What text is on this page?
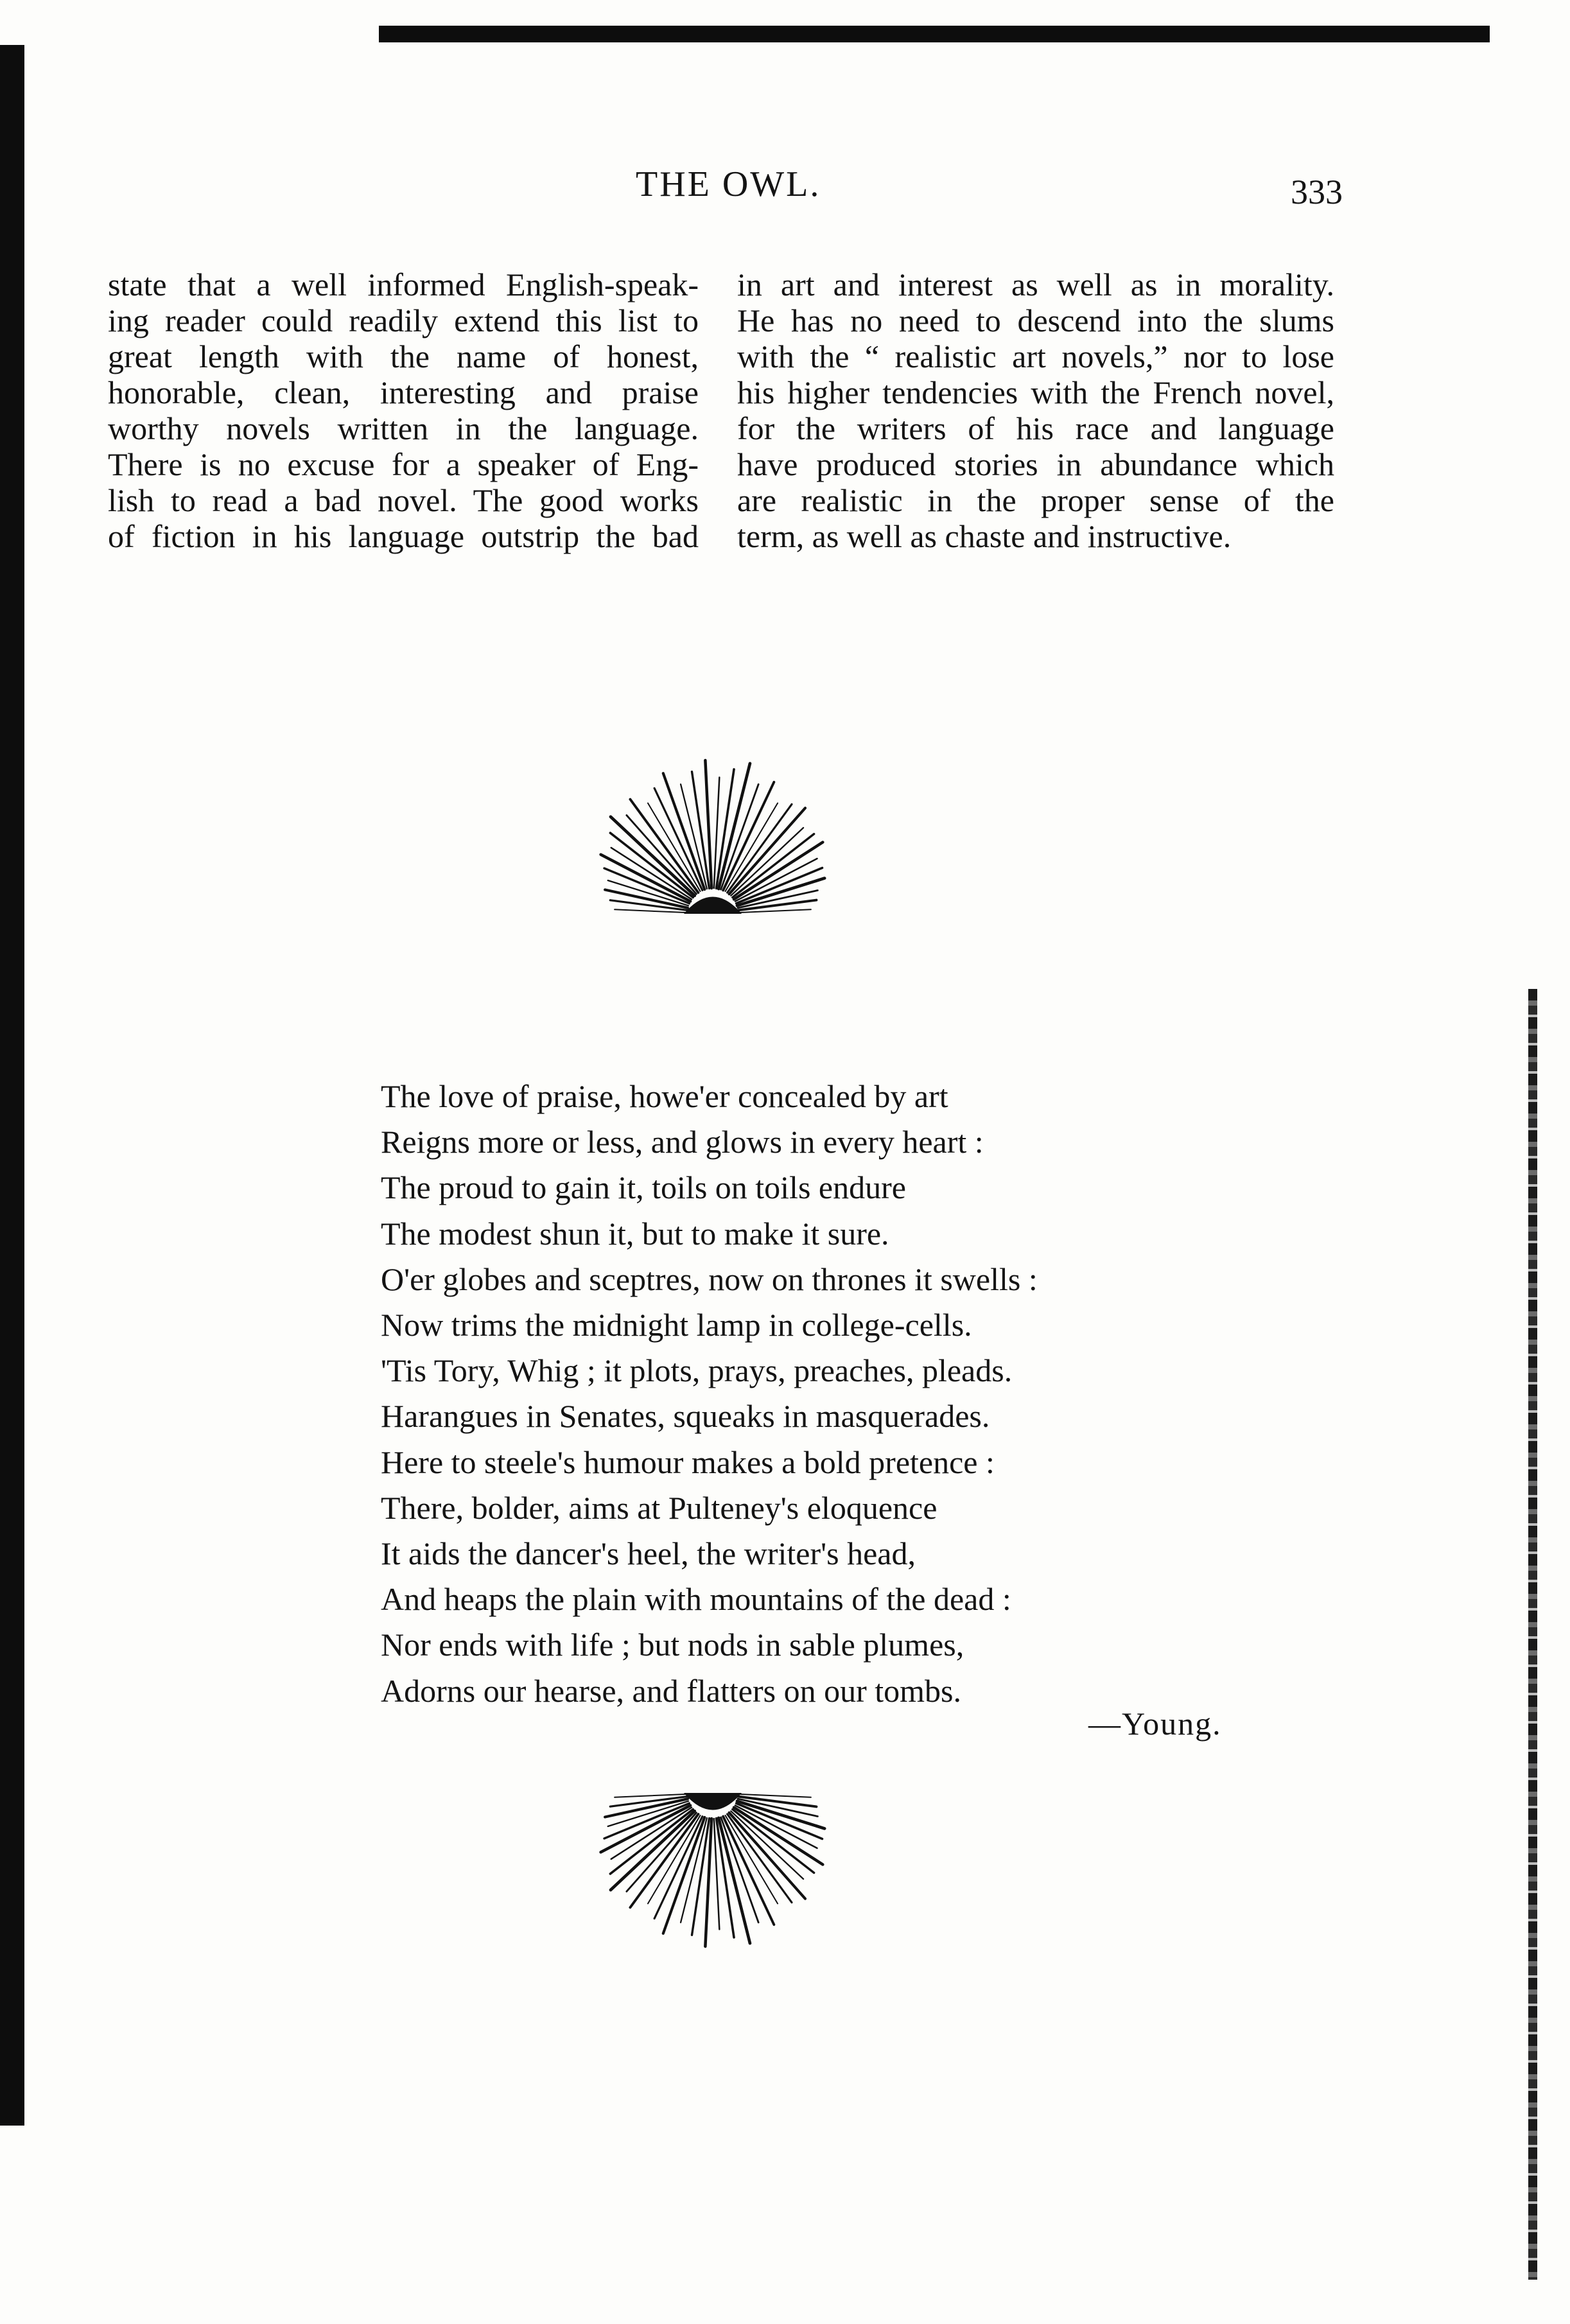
THE OWL.	333
state that a well informed English-speak-
ing reader could readily extend this list to
great length with the name of honest,
honorable, clean, interesting and praise
worthy novels written in the language.
There is no excuse for a speaker of Eng-
lish to read a bad novel. The good works
of fiction in his language outstrip the bad
in art and interest as well as in morality.
He has no need to descend into the slums
with the “ realistic art novels,” nor to lose
his higher tendencies with the French novel,
for the writers of his race and language
have produced stories in abundance which
are realistic in the proper sense of the
term, as well as chaste and instructive.
The love of praise, howe'er concealed by art
Reigns more or less, and glows in every heart :
The proud to gain it, toils on toils endure
The modest shun it, but to make it sure.
O'er globes and sceptres, now on thrones it swells :
Now trims the midnight lamp in college-cells.
'Tis Tory, Whig ; it plots, prays, preaches, pleads.
Harangues in Senates, squeaks in masquerades.
Here to steele's humour makes a bold pretence :
There, bolder, aims at Pulteney's eloquence
It aids the dancer's heel, the writer's head,
And heaps the plain with mountains of the dead :
Nor ends with life ; but nods in sable plumes,
Adorns our hearse, and flatters on our tombs.
—Young.
